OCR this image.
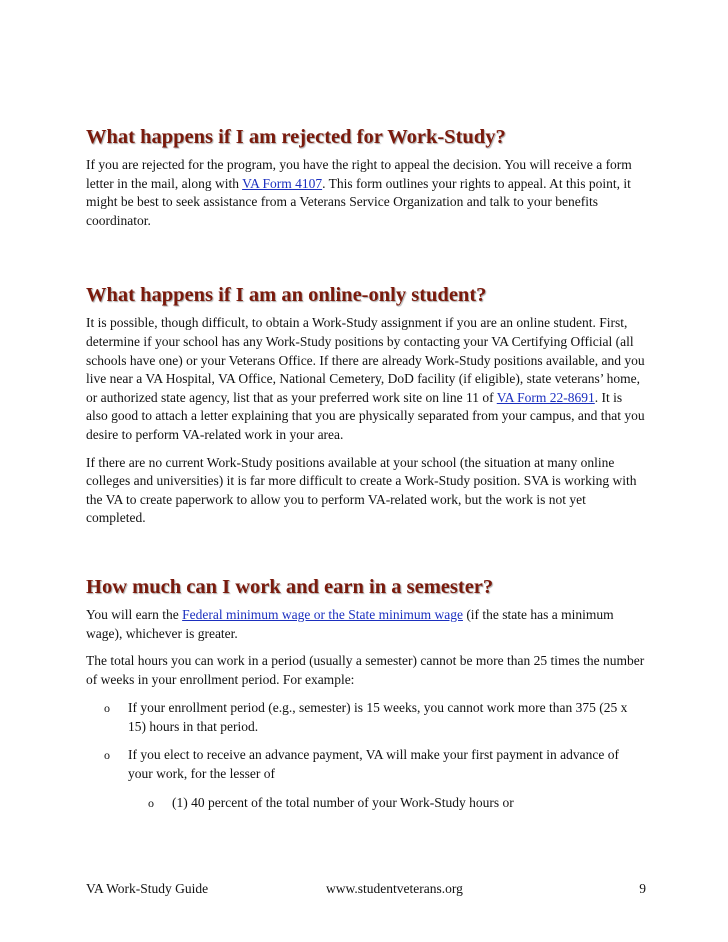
What happens if I am rejected for Work-Study?

If you are rejected for the program, you have the right to appeal the decision. You will receive a form letter in the mail, along with VA Form 4107. This form outlines your rights to appeal. At this point, it might be best to seek assistance from a Veterans Service Organization and talk to your benefits coordinator.

What happens if I am an online-only student?

It is possible, though difficult, to obtain a Work-Study assignment if you are an online student. First, determine if your school has any Work-Study positions by contacting your VA Certifying Official (all schools have one) or your Veterans Office. If there are already Work-Study positions available, and you live near a VA Hospital, VA Office, National Cemetery, DoD facility (if eligible), state veterans’ home, or authorized state agency, list that as your preferred work site on line 11 of VA Form 22-8691. It is also good to attach a letter explaining that you are physically separated from your campus, and that you desire to perform VA-related work in your area.

If there are no current Work-Study positions available at your school (the situation at many online colleges and universities) it is far more difficult to create a Work-Study position. SVA is working with the VA to create paperwork to allow you to perform VA-related work, but the work is not yet completed.

How much can I work and earn in a semester?

You will earn the Federal minimum wage or the State minimum wage (if the state has a minimum wage), whichever is greater.

The total hours you can work in a period (usually a semester) cannot be more than 25 times the number of weeks in your enrollment period. For example:

o If your enrollment period (e.g., semester) is 15 weeks, you cannot work more than 375 (25 x 15) hours in that period.
o If you elect to receive an advance payment, VA will make your first payment in advance of your work, for the lesser of
o (1) 40 percent of the total number of your Work-Study hours or
VA Work-Study Guide	www.studentveterans.org	9
